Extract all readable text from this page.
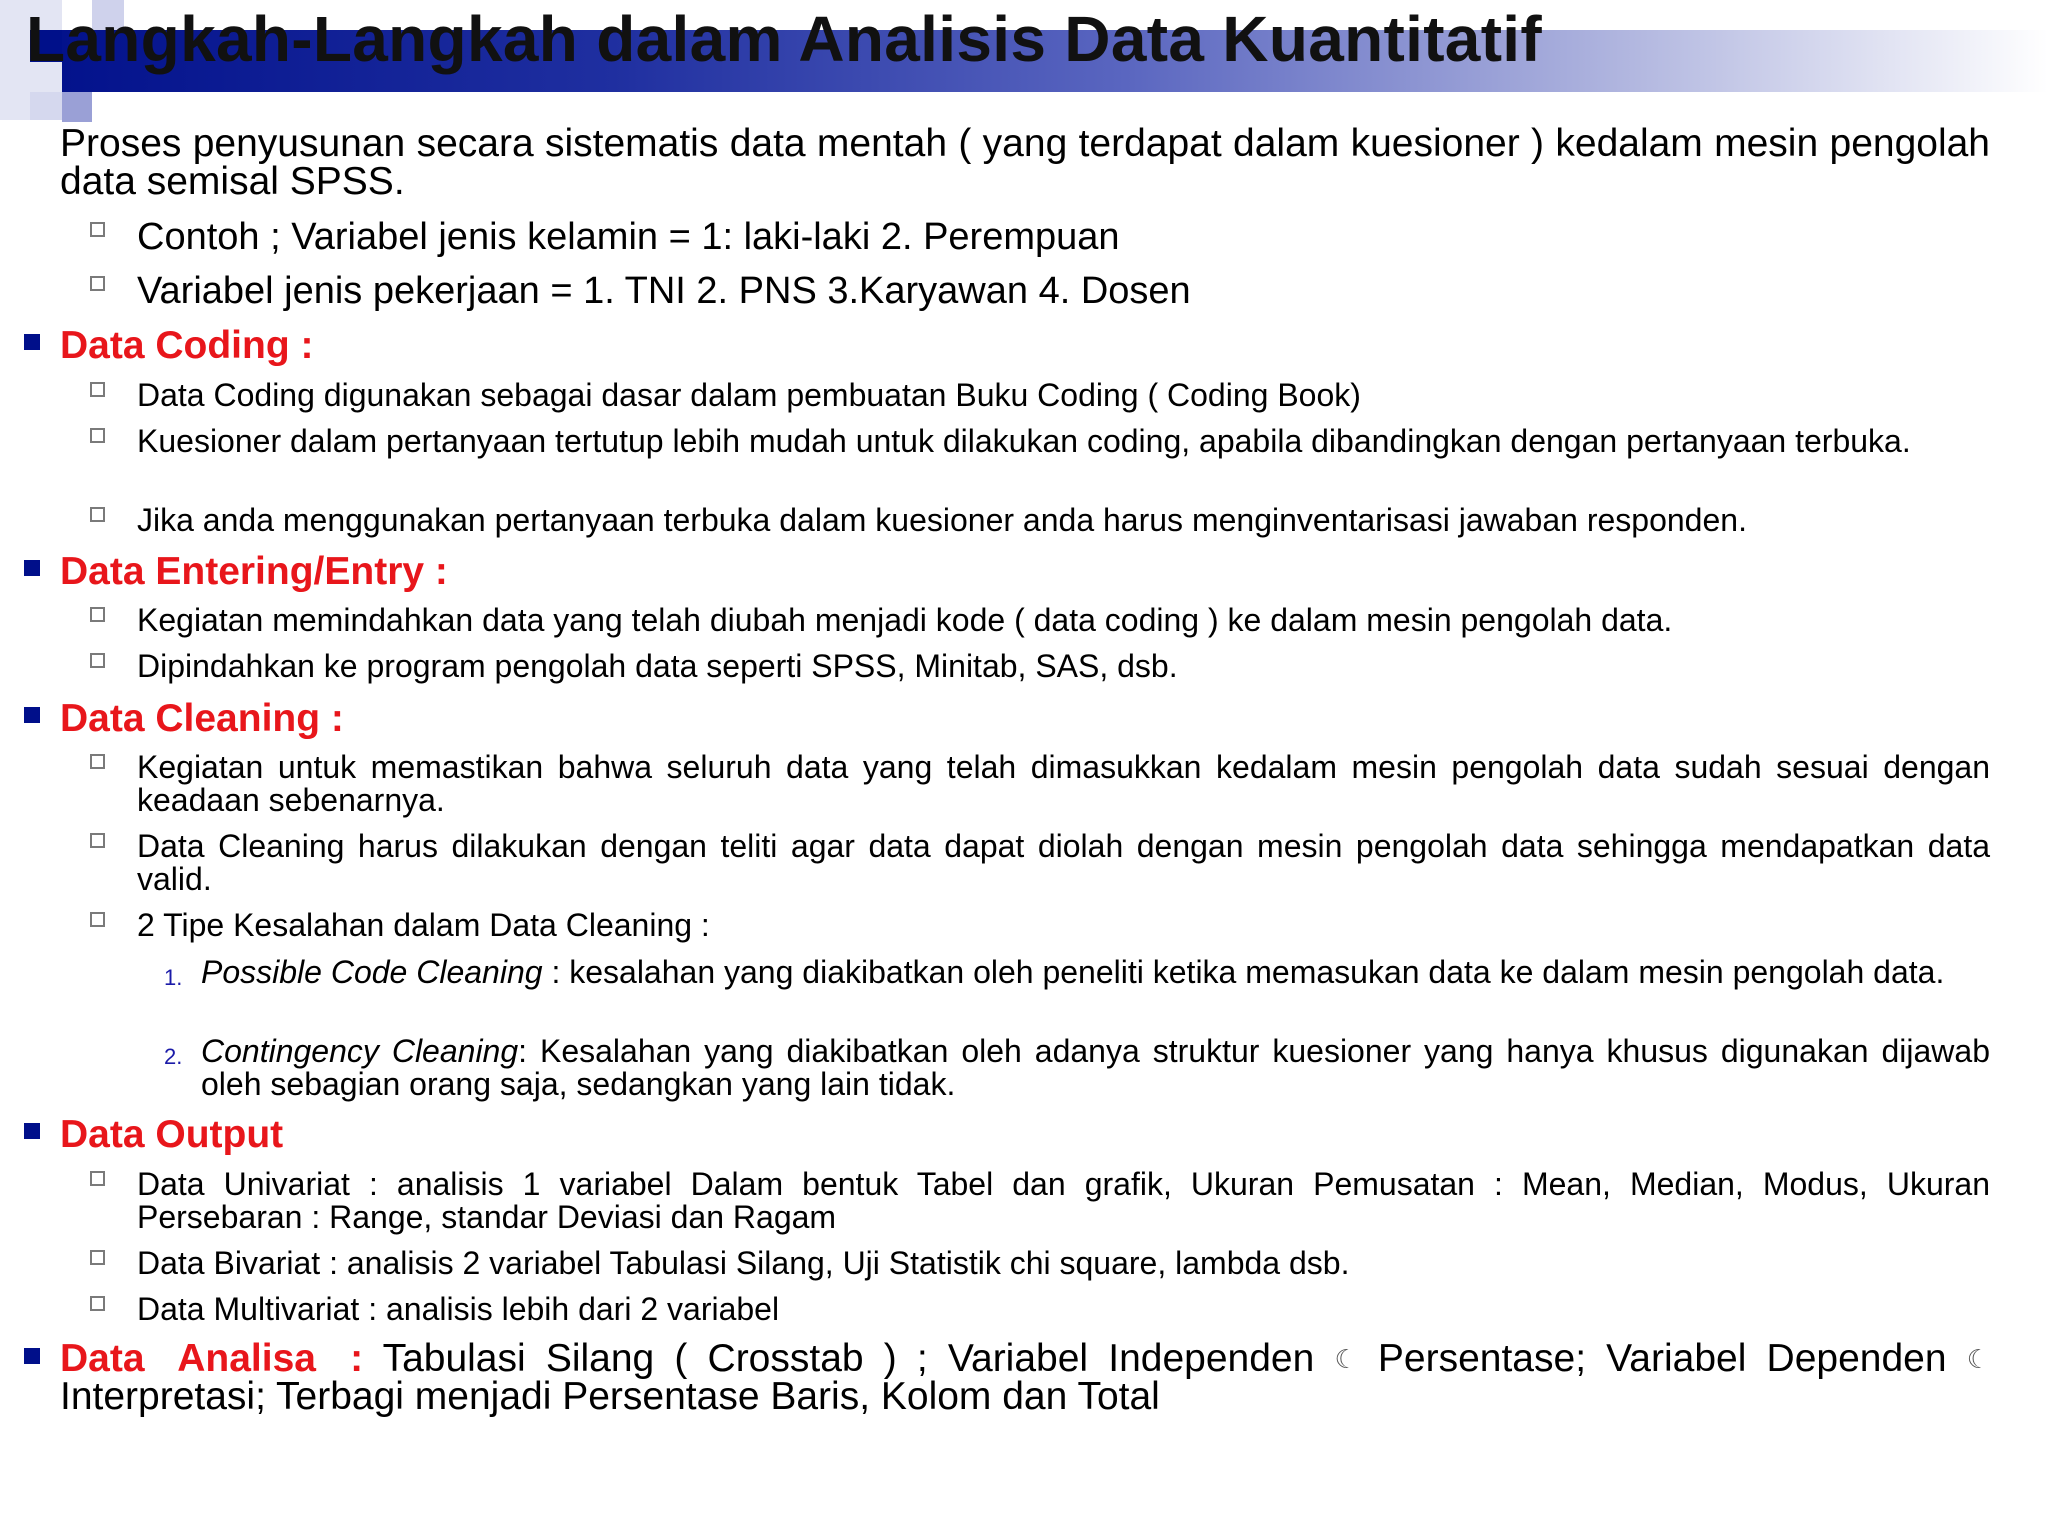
Langkah-Langkah dalam Analisis Data Kuantitatif
Proses penyusunan secara sistematis data mentah ( yang terdapat dalam kuesioner ) kedalam mesin pengolah data semisal SPSS.
Contoh ; Variabel jenis kelamin = 1: laki-laki 2. Perempuan
Variabel jenis pekerjaan = 1. TNI 2. PNS 3.Karyawan 4. Dosen
Data Coding :
Data Coding digunakan sebagai dasar dalam pembuatan Buku Coding ( Coding Book)
Kuesioner dalam pertanyaan tertutup lebih mudah untuk dilakukan coding, apabila dibandingkan dengan pertanyaan terbuka.
Jika anda menggunakan pertanyaan terbuka dalam kuesioner anda harus menginventarisasi jawaban responden.
Data Entering/Entry :
Kegiatan memindahkan data yang telah diubah menjadi kode ( data coding ) ke dalam mesin pengolah data.
Dipindahkan ke program pengolah data seperti SPSS, Minitab, SAS, dsb.
Data Cleaning :
Kegiatan untuk memastikan bahwa seluruh data yang telah dimasukkan kedalam mesin pengolah data sudah sesuai dengan keadaan sebenarnya.
Data Cleaning harus dilakukan dengan teliti agar data dapat diolah dengan mesin pengolah data sehingga mendapatkan data valid.
2 Tipe Kesalahan dalam Data Cleaning :
1. Possible Code Cleaning : kesalahan yang diakibatkan oleh peneliti ketika memasukan data ke dalam mesin pengolah data.
2. Contingency Cleaning: Kesalahan yang diakibatkan oleh adanya struktur kuesioner yang hanya khusus digunakan dijawab oleh sebagian orang saja, sedangkan yang lain tidak.
Data Output
Data Univariat : analisis 1 variabel Dalam bentuk Tabel dan grafik, Ukuran Pemusatan : Mean, Median, Modus, Ukuran Persebaran : Range, standar Deviasi dan Ragam
Data Bivariat : analisis 2 variabel Tabulasi Silang, Uji Statistik chi square, lambda dsb.
Data Multivariat : analisis lebih dari 2 variabel
Data Analisa : Tabulasi Silang ( Crosstab ) ; Variabel Independen ☾ Persentase; Variabel Dependen ☾ Interpretasi; Terbagi menjadi Persentase Baris, Kolom dan Total
